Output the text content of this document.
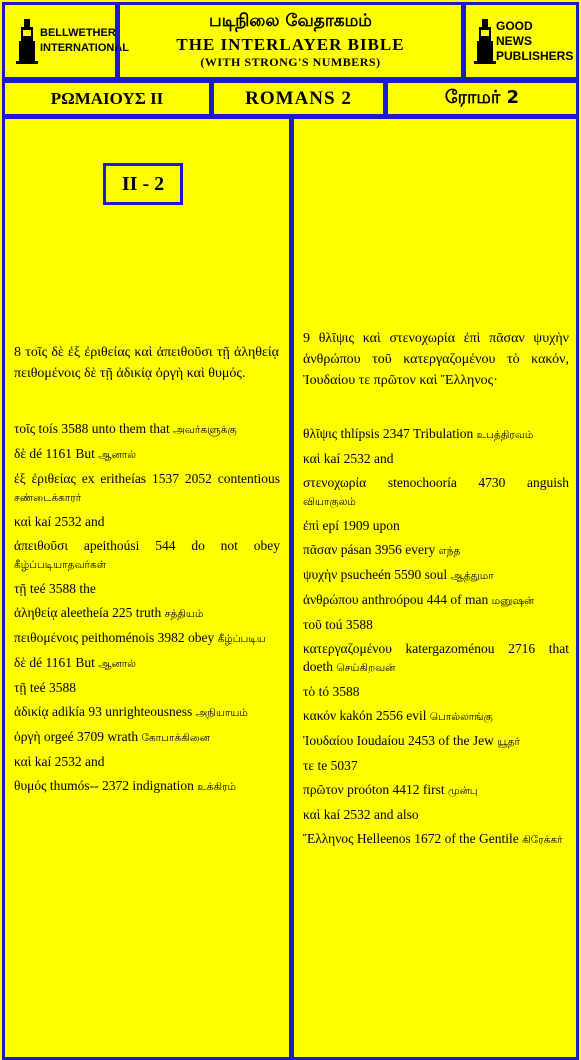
BELLWETHER INTERNATIONAL
படிநிலை வேதாகமம்
THE INTERLAYER BIBLE
(WITH STRONG'S NUMBERS)
GOOD NEWS PUBLISHERS
ΡΩΜΑΙΟΥΣ II	ROMANS 2	ரோமர் 2
II - 2
8 τοῖς δὲ ἐξ ἐριθείας καὶ ἀπειθοῦσι τῇ ἀληθείᾳ πειθομένοις δὲ τῇ ἀδικίᾳ ὀργὴ καὶ θυμός.
9 θλῖψις καὶ στενοχωρία ἐπὶ πᾶσαν ψυχὴν ἀνθρώπου τοῦ κατεργαζομένου τὸ κακόν, Ἰουδαίου τε πρῶτον καὶ Ἕλληνος·
τοῖς toís 3588 unto them that அவர்களுக்கு
δὲ dé 1161 But ஆனால்
ἐξ ἐριθείας ex eritheías 1537 2052 contentious சண்டைக்காரர்
καὶ kaí 2532 and
ἀπειθοῦσι apeithoúsi 544 do not obey கீழ்ப்படியாதவர்கள்
τῇ teé 3588 the
ἀληθείᾳ aleetheía 225 truth சத்தியம்
πειθομένοις peithoménois 3982 obey கீழ்ப்படிய
δὲ dé 1161 But ஆனால்
τῇ teé 3588
ἀδικίᾳ adikía 93 unrighteousness அநியாயம்
ὀργὴ orgeé 3709 wrath கோபாக்கினை
καὶ kaí 2532 and
θυμός thumós-- 2372 indignation உக்கிரம்
θλῖψις thlípsis 2347 Tribulation உபத்திரவம்
καὶ kaí 2532 and
στενοχωρία stenochooría 4730 anguish வியாகுலம்
ἐπὶ epí 1909 upon
πᾶσαν pásan 3956 every எந்த
ψυχὴν psucheén 5590 soul ஆத்துமா
ἀνθρώπου anthroópou 444 of man மனுஷன்
τοῦ toú 3588
κατεργαζομένου katergazoménou 2716 that doeth செய்கிறவன்
τὸ tó 3588
κακόν kakón 2556 evil பொல்லாங்கு
Ἰουδαίου Ioudaíou 2453 of the Jew யூதர்
τε te 5037
πρῶτον proóton 4412 first முன்பு
καὶ kaí 2532 and also
Ἕλληνος Helleenos 1672 of the Gentile கிரேக்கர்
